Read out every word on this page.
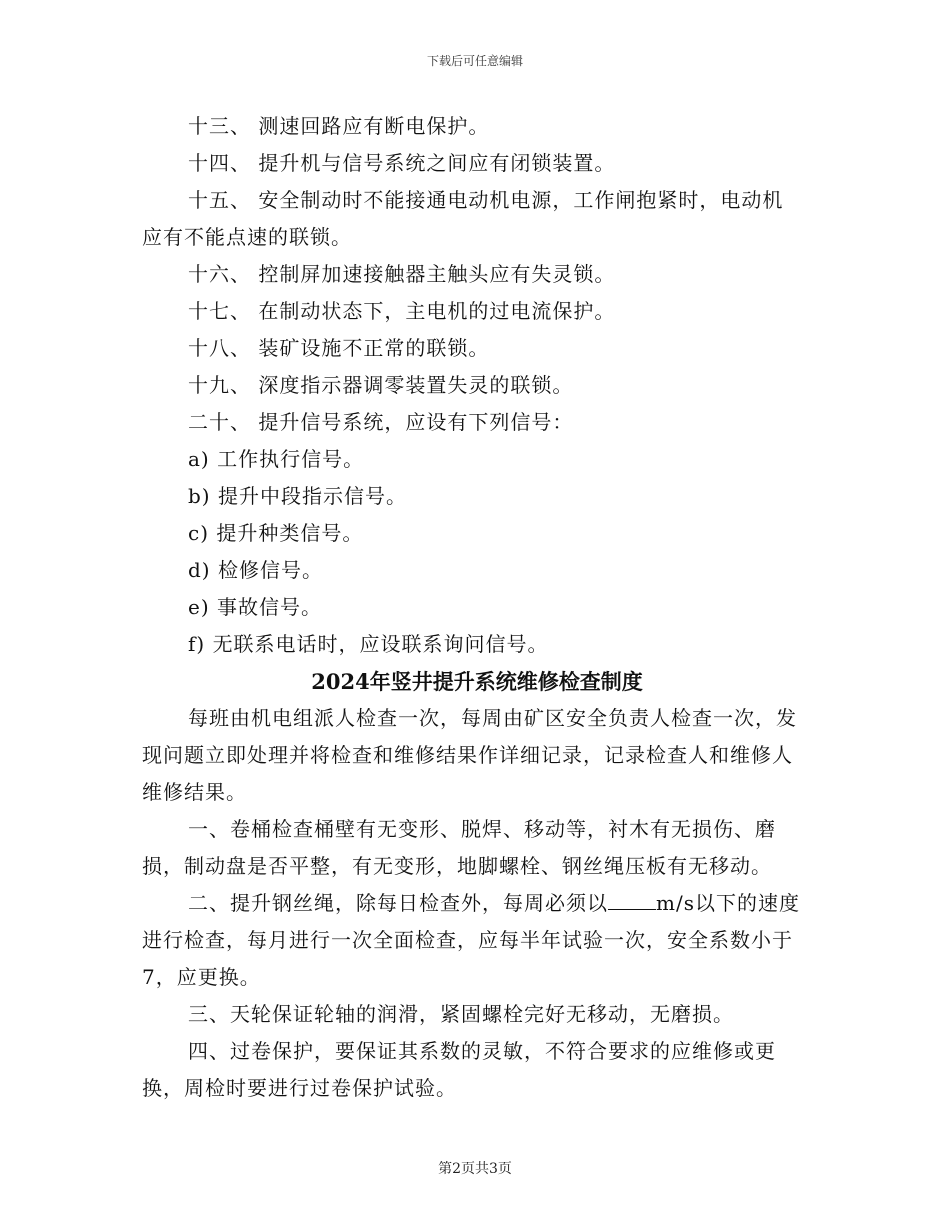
下载后可任意编辑

十三、 测速回路应有断电保护。

十四、 提升机与信号系统之间应有闭锁装置。

十五、 安全制动时不能接通电动机电源，工作闸抱紧时，电动机

应有不能点速的联锁。

十六、 控制屏加速接触器主触头应有失灵锁。

十七、 在制动状态下，主电机的过电流保护。

十八、 装矿设施不正常的联锁。

十九、 深度指示器调零装置失灵的联锁。

二十、 提升信号系统，应设有下列信号：

a) 工作执行信号。

b) 提升中段指示信号。

c) 提升种类信号。

d) 检修信号。

e) 事故信号。

f) 无联系电话时，应设联系询问信号。

2024年竖井提升系统维修检查制度

每班由机电组派人检查一次，每周由矿区安全负责人检查一次，发现问题立即处理并将检查和维修结果作详细记录，记录检查人和维修人维修结果。

一、卷桶检查桶壁有无变形、脱焊、移动等，衬木有无损伤、磨损，制动盘是否平整，有无变形，地脚螺栓、钢丝绳压板有无移动。

二、提升钢丝绳，除每日检查外，每周必须以 m/s以下的速度进行检查，每月进行一次全面检查，应每半年试验一次，安全系数小于7，应更换。

三、天轮保证轮轴的润滑，紧固螺栓完好无移动，无磨损。

四、过卷保护，要保证其系数的灵敏，不符合要求的应维修或更换，周检时要进行过卷保护试验。

第2页共3页
